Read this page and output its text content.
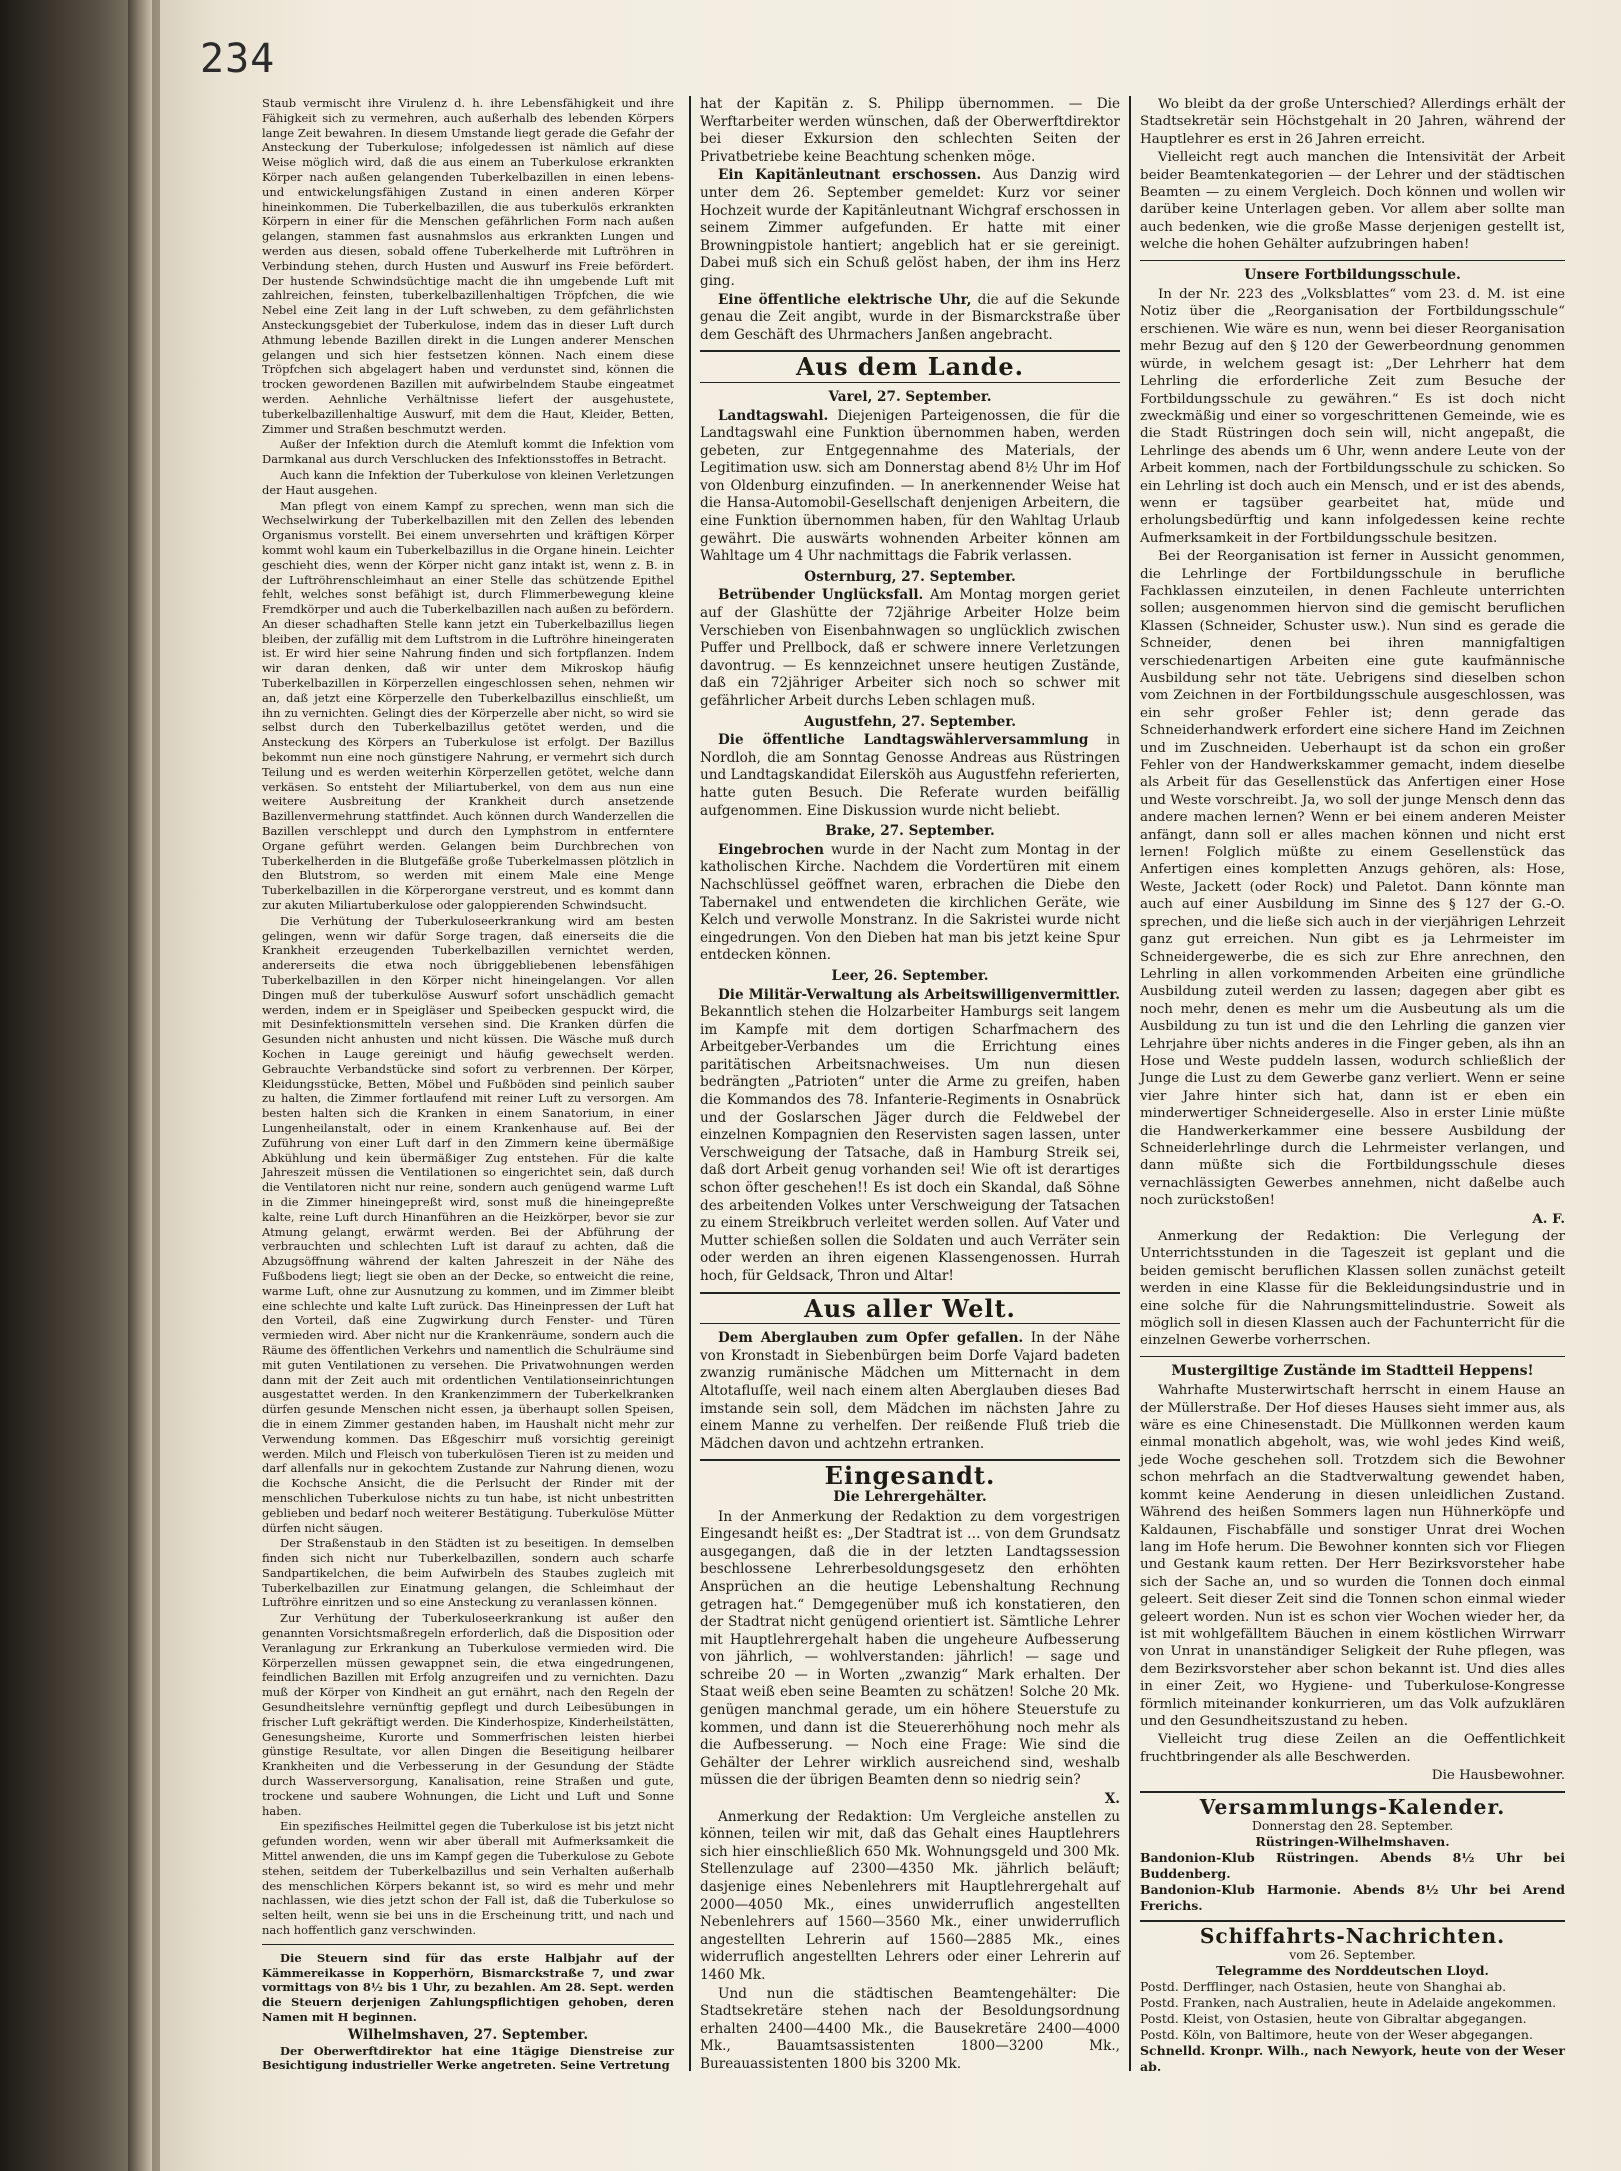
234

Staub vermischt ihre Virulenz d. h. ihre Lebensfähigkeit und ihre Fähigkeit sich zu vermehren, auch außerhalb des lebenden Körpers lange Zeit bewahren. In diesem Umstande liegt gerade die Gefahr der Ansteckung der Tuberkulose; infolgedessen ist nämlich auf diese Weise möglich wird, daß die aus einem an Tuberkulose erkrankten Körper nach außen gelangenden Tuberkelbazillen in einen lebens- und entwickelungsfähigen Zustand in einen anderen Körper hineinkommen. Die Tuberkelbazillen, die aus tuberkulös erkrankten Körpern in einer für die Menschen gefährlichen Form nach außen gelangen, stammen fast ausnahmslos aus erkrankten Lungen und werden aus diesen, sobald offene Tuberkelherde mit Luftröhren in Verbindung stehen, durch Husten und Auswurf ins Freie befördert. Der hustende Schwindsüchtige macht die ihn umgebende Luft mit zahlreichen, feinsten, tuberkelbazillenhaltigen Tröpfchen, die wie Nebel eine Zeit lang in der Luft schweben, zu dem gefährlichsten Ansteckungsgebiet der Tuberkulose, indem das in dieser Luft durch Athmung lebende Bazillen direkt in die Lungen anderer Menschen gelangen und sich hier festsetzen können. Nach einem diese Tröpfchen sich abgelagert haben und verdunstet sind, können die trocken gewordenen Bazillen mit aufwirbelndem Staube eingeatmet werden. Aehnliche Verhältnisse liefert der ausgehustete, tuberkelbazillenhaltige Auswurf, mit dem die Haut, Kleider, Betten, Zimmer und Straßen beschmutzt werden.

Außer der Infektion durch die Atemluft kommt die Infektion vom Darmkanal aus durch Verschlucken des Infektionsstoffes in Betracht.

Auch kann die Infektion der Tuberkulose von kleinen Verletzungen der Haut ausgehen.

Man pflegt von einem Kampf zu sprechen, wenn man sich die Wechselwirkung der Tuberkelbazillen mit den Zellen des lebenden Organismus vorstellt. Bei einem unversehrten und kräftigen Körper kommt wohl kaum ein Tuberkelbazillus in die Organe hinein. Leichter geschieht dies, wenn der Körper nicht ganz intakt ist, wenn z. B. in der Luftröhrenschleimhaut an einer Stelle das schützende Epithel fehlt, welches sonst befähigt ist, durch Flimmerbewegung kleine Fremdkörper und auch die Tuberkelbazillen nach außen zu befördern. An dieser schadhaften Stelle kann jetzt ein Tuberkelbazillus liegen bleiben, der zufällig mit dem Luftstrom in die Luftröhre hineingeraten ist. Er wird hier seine Nahrung finden und sich fortpflanzen. Indem wir daran denken, daß wir unter dem Mikroskop häufig Tuberkelbazillen in Körperzellen eingeschlossen sehen, nehmen wir an, daß jetzt eine Körperzelle den Tuberkelbazillus einschließt, um ihn zu vernichten. Gelingt dies der Körperzelle aber nicht, so wird sie selbst durch den Tuberkelbazillus getötet werden, und die Ansteckung des Körpers an Tuberkulose ist erfolgt. Der Bazillus bekommt nun eine noch günstigere Nahrung, er vermehrt sich durch Teilung und es werden weiterhin Körperzellen getötet, welche dann verkäsen. So entsteht der Miliartuberkel, von dem aus nun eine weitere Ausbreitung der Krankheit durch ansetzende Bazillenvermehrung stattfindet. Auch können durch Wanderzellen die Bazillen verschleppt und durch den Lymphstrom in entferntere Organe geführt werden. Gelangen beim Durchbrechen von Tuberkelherden in die Blutgefäße große Tuberkelmassen plötzlich in den Blutstrom, so werden mit einem Male eine Menge Tuberkelbazillen in die Körperorgane verstreut, und es kommt dann zur akuten Miliartuberkulose oder galoppierenden Schwindsucht.

Die Verhütung der Tuberkuloseerkrankung wird am besten gelingen, wenn wir dafür Sorge tragen, daß einerseits die die Krankheit erzeugenden Tuberkelbazillen vernichtet werden, andererseits die etwa noch übriggebliebenen lebensfähigen Tuberkelbazillen in den Körper nicht hineingelangen. Vor allen Dingen muß der tuberkulöse Auswurf sofort unschädlich gemacht werden, indem er in Speigläser und Speibecken gespuckt wird, die mit Desinfektionsmitteln versehen sind. Die Kranken dürfen die Gesunden nicht anhusten und nicht küssen. Die Wäsche muß durch Kochen in Lauge gereinigt und häufig gewechselt werden. Gebrauchte Verbandstücke sind sofort zu verbrennen. Der Körper, Kleidungsstücke, Betten, Möbel und Fußböden sind peinlich sauber zu halten, die Zimmer fortlaufend mit reiner Luft zu versorgen. Am besten halten sich die Kranken in einem Sanatorium, in einer Lungenheilanstalt, oder in einem Krankenhause auf. Bei der Zuführung von einer Luft darf in den Zimmern keine übermäßige Abkühlung und kein übermäßiger Zug entstehen. Für die kalte Jahreszeit müssen die Ventilationen so eingerichtet sein, daß durch die Ventilatoren nicht nur reine, sondern auch genügend warme Luft in die Zimmer hineingepreßt wird, sonst muß die hineingepreßte kalte, reine Luft durch Hinanführen an die Heizkörper, bevor sie zur Atmung gelangt, erwärmt werden. Bei der Abführung der verbrauchten und schlechten Luft ist darauf zu achten, daß die Abzugsöffnung während der kalten Jahreszeit in der Nähe des Fußbodens liegt; liegt sie oben an der Decke, so entweicht die reine, warme Luft, ohne zur Ausnutzung zu kommen, und im Zimmer bleibt eine schlechte und kalte Luft zurück. Das Hineinpressen der Luft hat den Vorteil, daß eine Zugwirkung durch Fenster- und Türen vermieden wird. Aber nicht nur die Krankenräume, sondern auch die Räume des öffentlichen Verkehrs und namentlich die Schulräume sind mit guten Ventilationen zu versehen. Die Privatwohnungen werden dann mit der Zeit auch mit ordentlichen Ventilationseinrichtungen ausgestattet werden. In den Krankenzimmern der Tuberkelkranken dürfen gesunde Menschen nicht essen, ja überhaupt sollen Speisen, die in einem Zimmer gestanden haben, im Haushalt nicht mehr zur Verwendung kommen. Das Eßgeschirr muß vorsichtig gereinigt werden. Milch und Fleisch von tuberkulösen Tieren ist zu meiden und darf allenfalls nur in gekochtem Zustande zur Nahrung dienen, wozu die Kochsche Ansicht, die die Perlsucht der Rinder mit der menschlichen Tuberkulose nichts zu tun habe, ist nicht unbestritten geblieben und bedarf noch weiterer Bestätigung. Tuberkulöse Mütter dürfen nicht säugen.

Der Straßenstaub in den Städten ist zu beseitigen. In demselben finden sich nicht nur Tuberkelbazillen, sondern auch scharfe Sandpartikelchen, die beim Aufwirbeln des Staubes zugleich mit Tuberkelbazillen zur Einatmung gelangen, die Schleimhaut der Luftröhre einritzen und so eine Ansteckung zu veranlassen können.

Zur Verhütung der Tuberkuloseerkrankung ist außer den genannten Vorsichtsmaßregeln erforderlich, daß die Disposition oder Veranlagung zur Erkrankung an Tuberkulose vermieden wird. Die Körperzellen müssen gewappnet sein, die etwa eingedrungenen, feindlichen Bazillen mit Erfolg anzugreifen und zu vernichten. Dazu muß der Körper von Kindheit an gut ernährt, nach den Regeln der Gesundheitslehre vernünftig gepflegt und durch Leibesübungen in frischer Luft gekräftigt werden. Die Kinderhospize, Kinderheilstätten, Genesungsheime, Kurorte und Sommerfrischen leisten hierbei günstige Resultate, vor allen Dingen die Beseitigung heilbarer Krankheiten und die Verbesserung in der Gesundung der Städte durch Wasserversorgung, Kanalisation, reine Straßen und gute, trockene und saubere Wohnungen, die Licht und Luft und Sonne haben.

Ein spezifisches Heilmittel gegen die Tuberkulose ist bis jetzt nicht gefunden worden, wenn wir aber überall mit Aufmerksamkeit die Mittel anwenden, die uns im Kampf gegen die Tuberkulose zu Gebote stehen, seitdem der Tuberkelbazillus und sein Verhalten außerhalb des menschlichen Körpers bekannt ist, so wird es mehr und mehr nachlassen, wie dies jetzt schon der Fall ist, daß die Tuberkulose so selten heilt, wenn sie bei uns in die Erscheinung tritt, und nach und nach hoffentlich ganz verschwinden.

Die Steuern sind für das erste Halbjahr auf der Kämmereikasse in Kopperhörn, Bismarckstraße 7, und zwar vormittags von 8½ bis 1 Uhr, zu bezahlen. Am 28. Sept. werden die Steuern derjenigen Zahlungspflichtigen gehoben, deren Namen mit H beginnen.

Wilhelmshaven, 27. September.

Der Oberwerftdirektor hat eine 1tägige Dienstreise zur Besichtigung industrieller Werke angetreten. Seine Vertretung

hat der Kapitän z. S. Philipp übernommen. — Die Werftarbeiter werden wünschen, daß der Oberwerftdirektor bei dieser Exkursion den schlechten Seiten der Privatbetriebe keine Beachtung schenken möge.

Ein Kapitänleutnant erschossen. Aus Danzig wird unter dem 26. September gemeldet: Kurz vor seiner Hochzeit wurde der Kapitänleutnant Wichgraf erschossen in seinem Zimmer aufgefunden. Er hatte mit einer Browningpistole hantiert; angeblich hat er sie gereinigt. Dabei muß sich ein Schuß gelöst haben, der ihm ins Herz ging.

Eine öffentliche elektrische Uhr, die auf die Sekunde genau die Zeit angibt, wurde in der Bismarckstraße über dem Geschäft des Uhrmachers Janßen angebracht.

Aus dem Lande.
Varel, 27. September.

Landtagswahl. Diejenigen Parteigenossen, die für die Landtagswahl eine Funktion übernommen haben, werden gebeten, zur Entgegennahme des Materials, der Legitimation usw. sich am Donnerstag abend 8½ Uhr im Hof von Oldenburg einzufinden. — In anerkennender Weise hat die Hansa-Automobil-Gesellschaft denjenigen Arbeitern, die eine Funktion übernommen haben, für den Wahltag Urlaub gewährt. Die auswärts wohnenden Arbeiter können am Wahltage um 4 Uhr nachmittags die Fabrik verlassen.

Osternburg, 27. September.

Betrübender Unglücksfall. Am Montag morgen geriet auf der Glashütte der 72jährige Arbeiter Holze beim Verschieben von Eisenbahnwagen so unglücklich zwischen Puffer und Prellbock, daß er schwere innere Verletzungen davontrug. — Es kennzeichnet unsere heutigen Zustände, daß ein 72jähriger Arbeiter sich noch so schwer mit gefährlicher Arbeit durchs Leben schlagen muß.

Augustfehn, 27. September.

Die öffentliche Landtagswählerversammlung in Nordloh, die am Sonntag Genosse Andreas aus Rüstringen und Landtagskandidat Eilersköh aus Augustfehn referierten, hatte guten Besuch. Die Referate wurden beifällig aufgenommen. Eine Diskussion wurde nicht beliebt.

Brake, 27. September.

Eingebrochen wurde in der Nacht zum Montag in der katholischen Kirche. Nachdem die Vordertüren mit einem Nachschlüssel geöffnet waren, erbrachen die Diebe den Tabernakel und entwendeten die kirchlichen Geräte, wie Kelch und verwolle Monstranz. In die Sakristei wurde nicht eingedrungen. Von den Dieben hat man bis jetzt keine Spur entdecken können.

Leer, 26. September.

Die Militär-Verwaltung als Arbeitswilligenvermittler. Bekanntlich stehen die Holzarbeiter Hamburgs seit langem im Kampfe mit dem dortigen Scharfmachern des Arbeitgeber-Verbandes um die Errichtung eines paritätischen Arbeitsnachweises. Um nun diesen bedrängten „Patrioten“ unter die Arme zu greifen, haben die Kommandos des 78. Infanterie-Regiments in Osnabrück und der Goslarschen Jäger durch die Feldwebel der einzelnen Kompagnien den Reservisten sagen lassen, unter Verschweigung der Tatsache, daß in Hamburg Streik sei, daß dort Arbeit genug vorhanden sei! Wie oft ist derartiges schon öfter geschehen!! Es ist doch ein Skandal, daß Söhne des arbeitenden Volkes unter Verschweigung der Tatsachen zu einem Streikbruch verleitet werden sollen. Auf Vater und Mutter schießen sollen die Soldaten und auch Verräter sein oder werden an ihren eigenen Klassengenossen. Hurrah hoch, für Geldsack, Thron und Altar!

Aus aller Welt.

Dem Aberglauben zum Opfer gefallen. In der Nähe von Kronstadt in Siebenbürgen beim Dorfe Vajard badeten zwanzig rumänische Mädchen um Mitternacht in dem Altotafluſſe, weil nach einem alten Aberglauben dieses Bad imstande sein soll, dem Mädchen im nächsten Jahre zu einem Manne zu verhelfen. Der reißende Fluß trieb die Mädchen davon und achtzehn ertranken.

Eingesandt.
Die Lehrergehälter.

In der Anmerkung der Redaktion zu dem vorgestrigen Eingesandt heißt es: „Der Stadtrat ist … von dem Grundsatz ausgegangen, daß die in der letzten Landtagssession beschlossene Lehrerbesoldungsgesetz den erhöhten Ansprüchen an die heutige Lebenshaltung Rechnung getragen hat.“ Demgegenüber muß ich konstatieren, den der Stadtrat nicht genügend orientiert ist. Sämtliche Lehrer mit Hauptlehrergehalt haben die ungeheure Aufbesserung von jährlich, — wohlverstanden: jährlich! — sage und schreibe 20 — in Worten „zwanzig“ Mark erhalten. Der Staat weiß eben seine Beamten zu schätzen! Solche 20 Mk. genügen manchmal gerade, um ein höhere Steuerstufe zu kommen, und dann ist die Steuererhöhung noch mehr als die Aufbesserung. — Noch eine Frage: Wie sind die Gehälter der Lehrer wirklich ausreichend sind, weshalb müssen die der übrigen Beamten denn so niedrig sein?

X.

Anmerkung der Redaktion: Um Vergleiche anstellen zu können, teilen wir mit, daß das Gehalt eines Hauptlehrers sich hier einschließlich 650 Mk. Wohnungsgeld und 300 Mk. Stellenzulage auf 2300—4350 Mk. jährlich beläuft; dasjenige eines Nebenlehrers mit Hauptlehrergehalt auf 2000—4050 Mk., eines unwiderruflich angestellten Nebenlehrers auf 1560—3560 Mk., einer unwiderruflich angestellten Lehrerin auf 1560—2885 Mk., eines widerruflich angestellten Lehrers oder einer Lehrerin auf 1460 Mk.

Und nun die städtischen Beamtengehälter: Die Stadtsekretäre stehen nach der Besoldungsordnung erhalten 2400—4400 Mk., die Bausekretäre 2400—4000 Mk., Bauamtsassistenten 1800—3200 Mk., Bureauassistenten 1800 bis 3200 Mk.

Wo bleibt da der große Unterschied? Allerdings erhält der Stadtsekretär sein Höchstgehalt in 20 Jahren, während der Hauptlehrer es erst in 26 Jahren erreicht.

Vielleicht regt auch manchen die Intensivität der Arbeit beider Beamtenkategorien — der Lehrer und der städtischen Beamten — zu einem Vergleich. Doch können und wollen wir darüber keine Unterlagen geben. Vor allem aber sollte man auch bedenken, wie die große Masse derjenigen gestellt ist, welche die hohen Gehälter aufzubringen haben!

Unsere Fortbildungsschule.

In der Nr. 223 des „Volksblattes“ vom 23. d. M. ist eine Notiz über die „Reorganisation der Fortbildungsschule“ erschienen. Wie wäre es nun, wenn bei dieser Reorganisation mehr Bezug auf den § 120 der Gewerbeordnung genommen würde, in welchem gesagt ist: „Der Lehrherr hat dem Lehrling die erforderliche Zeit zum Besuche der Fortbildungsschule zu gewähren.“ Es ist doch nicht zweckmäßig und einer so vorgeschrittenen Gemeinde, wie es die Stadt Rüstringen doch sein will, nicht angepaßt, die Lehrlinge des abends um 6 Uhr, wenn andere Leute von der Arbeit kommen, nach der Fortbildungsschule zu schicken. So ein Lehrling ist doch auch ein Mensch, und er ist des abends, wenn er tagsüber gearbeitet hat, müde und erholungsbedürftig und kann infolgedessen keine rechte Aufmerksamkeit in der Fortbildungsschule besitzen.

Bei der Reorganisation ist ferner in Aussicht genommen, die Lehrlinge der Fortbildungsschule in berufliche Fachklassen einzuteilen, in denen Fachleute unterrichten sollen; ausgenommen hiervon sind die gemischt beruflichen Klassen (Schneider, Schuster usw.). Nun sind es gerade die Schneider, denen bei ihren mannigfaltigen verschiedenartigen Arbeiten eine gute kaufmännische Ausbildung sehr not täte. Uebrigens sind dieselben schon vom Zeichnen in der Fortbildungsschule ausgeschlossen, was ein sehr großer Fehler ist; denn gerade das Schneiderhandwerk erfordert eine sichere Hand im Zeichnen und im Zuschneiden. Ueberhaupt ist da schon ein großer Fehler von der Handwerkskammer gemacht, indem dieselbe als Arbeit für das Gesellenstück das Anfertigen einer Hose und Weste vorschreibt. Ja, wo soll der junge Mensch denn das andere machen lernen? Wenn er bei einem anderen Meister anfängt, dann soll er alles machen können und nicht erst lernen! Folglich müßte zu einem Gesellenstück das Anfertigen eines kompletten Anzugs gehören, als: Hose, Weste, Jackett (oder Rock) und Paletot. Dann könnte man auch auf einer Ausbildung im Sinne des § 127 der G.-O. sprechen, und die ließe sich auch in der vierjährigen Lehrzeit ganz gut erreichen. Nun gibt es ja Lehrmeister im Schneidergewerbe, die es sich zur Ehre anrechnen, den Lehrling in allen vorkommenden Arbeiten eine gründliche Ausbildung zuteil werden zu lassen; dagegen aber gibt es noch mehr, denen es mehr um die Ausbeutung als um die Ausbildung zu tun ist und die den Lehrling die ganzen vier Lehrjahre über nichts anderes in die Finger geben, als ihn an Hose und Weste puddeln lassen, wodurch schließlich der Junge die Lust zu dem Gewerbe ganz verliert. Wenn er seine vier Jahre hinter sich hat, dann ist er eben ein minderwertiger Schneidergeselle. Also in erster Linie müßte die Handwerkerkammer eine bessere Ausbildung der Schneiderlehrlinge durch die Lehrmeister verlangen, und dann müßte sich die Fortbildungsschule dieses vernachlässigten Gewerbes annehmen, nicht daßelbe auch noch zurückstoßen!

A. F.

Anmerkung der Redaktion: Die Verlegung der Unterrichtsstunden in die Tageszeit ist geplant und die beiden gemischt beruflichen Klassen sollen zunächst geteilt werden in eine Klasse für die Bekleidungsindustrie und in eine solche für die Nahrungsmittelindustrie. Soweit als möglich soll in diesen Klassen auch der Fachunterricht für die einzelnen Gewerbe vorherrschen.

Mustergiltige Zustände im Stadtteil Heppens!

Wahrhafte Musterwirtschaft herrscht in einem Hause an der Müllerstraße. Der Hof dieses Hauses sieht immer aus, als wäre es eine Chinesenstadt. Die Müllkonnen werden kaum einmal monatlich abgeholt, was, wie wohl jedes Kind weiß, jede Woche geschehen soll. Trotzdem sich die Bewohner schon mehrfach an die Stadtverwaltung gewendet haben, kommt keine Aenderung in diesen unleidlichen Zustand. Während des heißen Sommers lagen nun Hühnerköpfe und Kaldaunen, Fischabfälle und sonstiger Unrat drei Wochen lang im Hofe herum. Die Bewohner konnten sich vor Fliegen und Gestank kaum retten. Der Herr Bezirksvorsteher habe sich der Sache an, und so wurden die Tonnen doch einmal geleert. Seit dieser Zeit sind die Tonnen schon einmal wieder geleert worden. Nun ist es schon vier Wochen wieder her, da ist mit wohlgefälltem Bäuchen in einem köstlichen Wirrwarr von Unrat in unanständiger Seligkeit der Ruhe pflegen, was dem Bezirksvorsteher aber schon bekannt ist. Und dies alles in einer Zeit, wo Hygiene- und Tuberkulose-Kongresse förmlich miteinander konkurrieren, um das Volk aufzuklären und den Gesundheitszustand zu heben.

Vielleicht trug diese Zeilen an die Oeffentlichkeit fruchtbringender als alle Beschwerden.

Die Hausbewohner.
Versammlungs-Kalender.
Donnerstag den 28. September.
Rüstringen-Wilhelmshaven.
Bandonion-Klub Rüstringen. Abends 8½ Uhr bei Buddenberg.
Bandonion-Klub Harmonie. Abends 8½ Uhr bei Arend Frerichs.
Schiffahrts-Nachrichten.
vom 26. September.
Telegramme des Norddeutschen Lloyd.
Postd. Derfflinger, nach Ostasien, heute von Shanghai ab.
Postd. Franken, nach Australien, heute in Adelaide angekommen.
Postd. Kleist, von Ostasien, heute von Gibraltar abgegangen.
Postd. Köln, von Baltimore, heute von der Weser abgegangen.
Schnelld. Kronpr. Wilh., nach Newyork, heute von der Weser ab.
